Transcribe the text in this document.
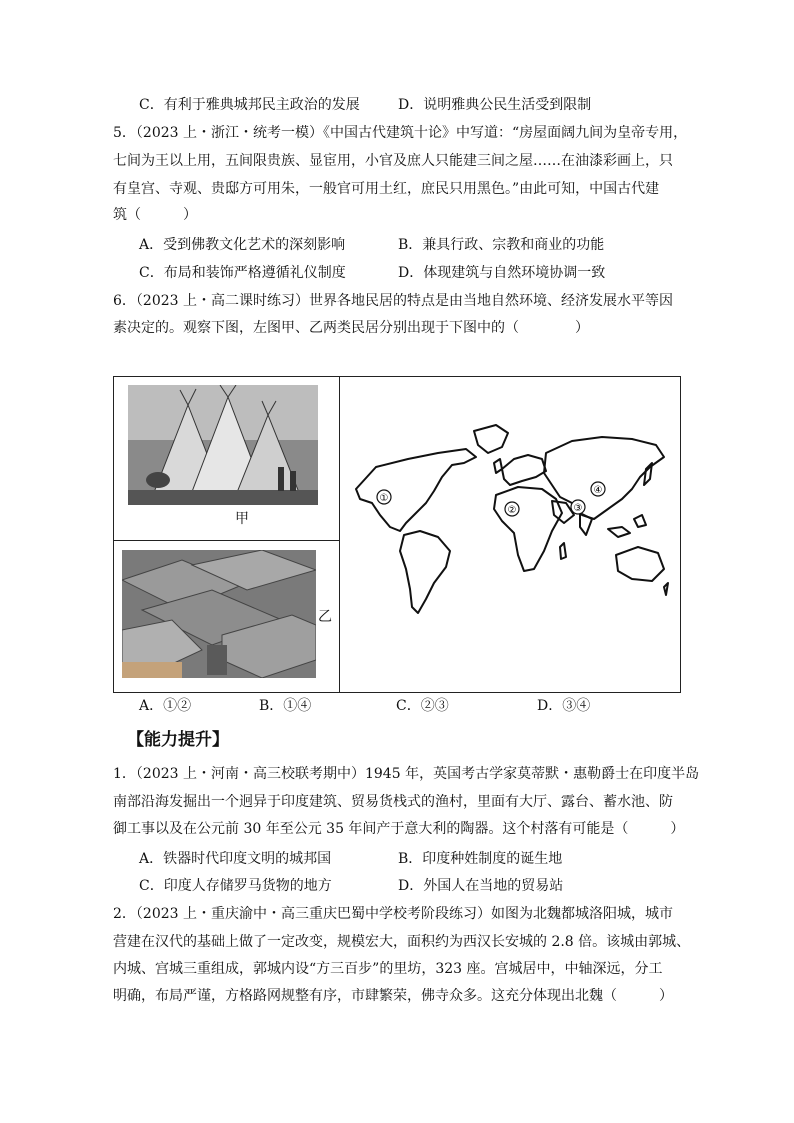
C．有利于雅典城邦民主政治的发展	D．说明雅典公民生活受到限制
5．（2023 上・浙江・统考一模）《中国古代建筑十论》中写道：“房屋面阔九间为皇帝专用，
七间为王以上用，五间限贵族、显宦用，小官及庶人只能建三间之屋……在油漆彩画上，只
有皇宫、寺观、贵邸方可用朱，一般官可用土红，庶民只用黑色。”由此可知，中国古代建
筑（　　　）
A．受到佛教文化艺术的深刻影响	B．兼具行政、宗教和商业的功能
C．布局和装饰严格遵循礼仪制度	D．体现建筑与自然环境协调一致
6．（2023 上・高二课时练习）世界各地民居的特点是由当地自然环境、经济发展水平等因
素决定的。观察下图，左图甲、乙两类民居分别出现于下图中的（　　　　）
甲
乙
①
②	③
④
A．①②	B．①④	C．②③	D．③④
【能力提升】
1．（2023 上・河南・高三校联考期中）1945 年，英国考古学家莫蒂默・惠勒爵士在印度半岛
南部沿海发掘出一个迥异于印度建筑、贸易货栈式的渔村，里面有大厅、露台、蓄水池、防
御工事以及在公元前 30 年至公元 35 年间产于意大利的陶器。这个村落有可能是（　　　）
A．铁器时代印度文明的城邦国	B．印度种姓制度的诞生地
C．印度人存储罗马货物的地方	D．外国人在当地的贸易站
2．（2023 上・重庆渝中・高三重庆巴蜀中学校考阶段练习）如图为北魏都城洛阳城，城市
营建在汉代的基础上做了一定改变，规模宏大，面积约为西汉长安城的 2.8 倍。该城由郭城、
内城、宫城三重组成，郭城内设“方三百步”的里坊，323 座。宫城居中，中轴深远，分工
明确，布局严谨，方格路网规整有序，市肆繁荣，佛寺众多。这充分体现出北魏（　　　）
